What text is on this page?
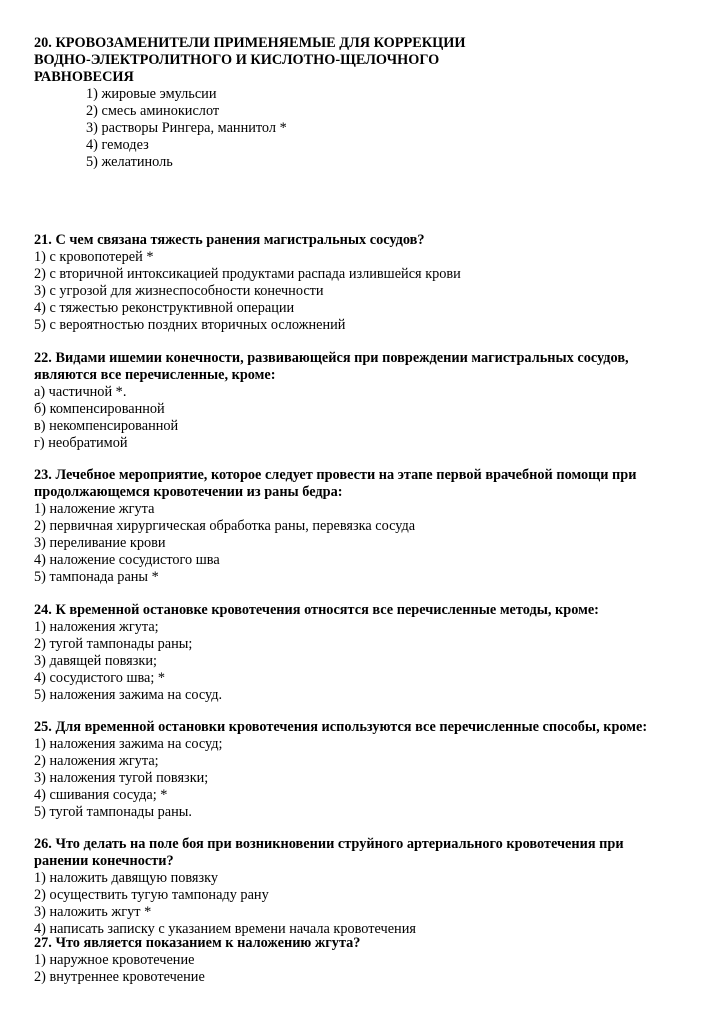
20. КРОВОЗАМЕНИТЕЛИ ПРИМЕНЯЕМЫЕ ДЛЯ КОРРЕКЦИИ

ВОДНО-ЭЛЕКТРОЛИТНОГО И КИСЛОТНО-ЩЕЛОЧНОГО

РАВНОВЕСИЯ

1) жировые эмульсии

2) смесь аминокислот

3) растворы Рингера, маннитол *

4) гемодез

5) желатиноль

21. С чем связана тяжесть ранения магистральных сосудов?

1) с кровопотерей *

2) с вторичной интоксикацией продуктами распада излившейся крови

3) с угрозой для жизнеспособности конечности

4) с тяжестью реконструктивной операции

5) с вероятностью поздних вторичных осложнений

22. Видами ишемии конечности, развивающейся при повреждении магистральных сосудов,

являются все перечисленные, кроме:

а) частичной *.

б) компенсированной

в) некомпенсированной

г) необратимой

23. Лечебное мероприятие, которое следует провести на этапе первой врачебной помощи при

продолжающемся кровотечении из раны бедра:

1) наложение жгута

2) первичная хирургическая обработка раны, перевязка сосуда

3) переливание крови

4) наложение сосудистого шва

5) тампонада раны *

24. К временной остановке кровотечения относятся все перечисленные методы, кроме:

1) наложения жгута;

2) тугой тампонады раны;

3) давящей повязки;

4) сосудистого шва; *

5) наложения зажима на сосуд.

25. Для временной остановки кровотечения используются все перечисленные способы, кроме:

1) наложения зажима на сосуд;

2) наложения жгута;

3) наложения тугой повязки;

4) сшивания сосуда; *

5) тугой тампонады раны.

26. Что делать на поле боя при возникновении струйного артериального кровотечения при

ранении конечности?

1) наложить давящую повязку

2) осуществить тугую тампонаду рану

3) наложить жгут *

4) написать записку с указанием времени начала кровотечения

27. Что является показанием к наложению жгута?

1) наружное кровотечение

2) внутреннее кровотечение
